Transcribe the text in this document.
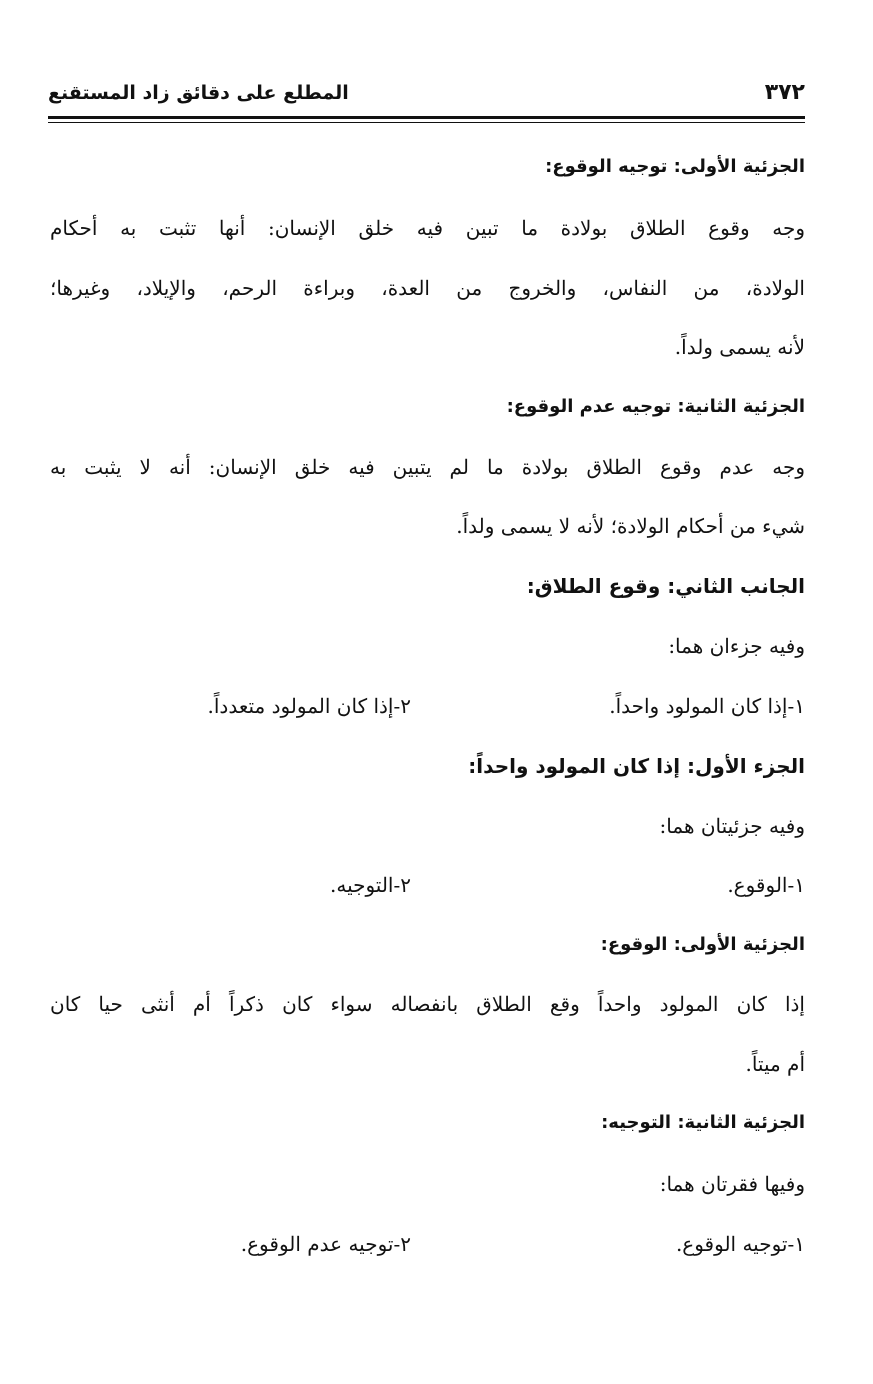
٣٧٢
المطلع على دقائق زاد المستقنع
الجزئية الأولى: توجيه الوقوع:
وجه وقوع الطلاق بولادة ما تبين فيه خلق الإنسان: أنها تثبت به أحكام
الولادة، من النفاس، والخروج من العدة، وبراءة الرحم، والإيلاد، وغيرها؛
لأنه يسمى ولداً.
الجزئية الثانية: توجيه عدم الوقوع:
وجه عدم وقوع الطلاق بولادة ما لم يتبين فيه خلق الإنسان: أنه لا يثبت به
شيء من أحكام الولادة؛ لأنه لا يسمى ولداً.
الجانب الثاني: وقوع الطلاق:
وفيه جزءان هما:
١-إذا كان المولود واحداً.
٢-إذا كان المولود متعدداً.
الجزء الأول: إذا كان المولود واحداً:
وفيه جزئيتان هما:
١-الوقوع.
٢-التوجيه.
الجزئية الأولى: الوقوع:
إذا كان المولود واحداً وقع الطلاق بانفصاله سواء كان ذكراً أم أنثى حيا كان
أم ميتاً.
الجزئية الثانية: التوجيه:
وفيها فقرتان هما:
١-توجيه الوقوع.
٢-توجيه عدم الوقوع.
